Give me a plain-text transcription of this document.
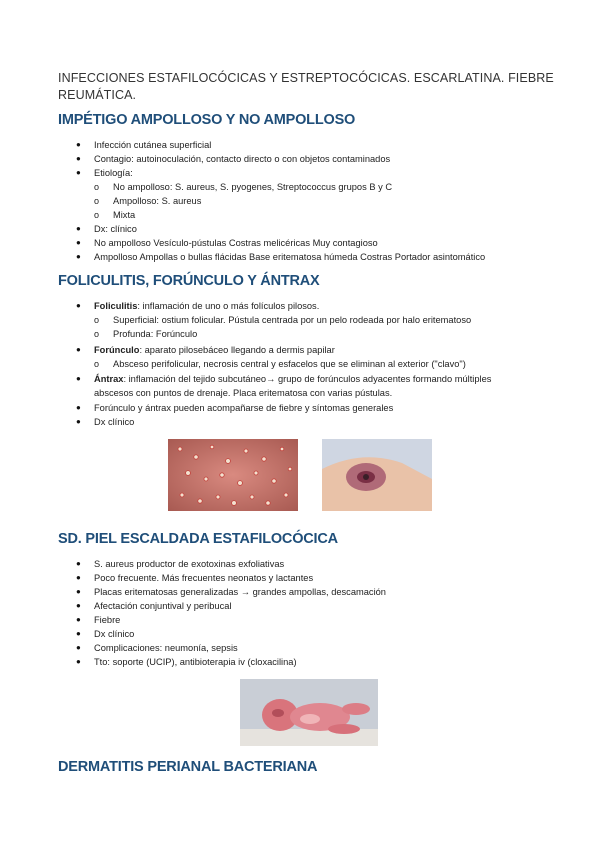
INFECCIONES ESTAFILOCÓCICAS Y ESTREPTOCÓCICAS. ESCARLATINA. FIEBRE REUMÁTICA.
IMPÉTIGO AMPOLLOSO Y NO AMPOLLOSO
● Infección cutánea superficial
● Contagio: autoinoculación, contacto directo o con objetos contaminados
● Etiología:
o No ampolloso: S. aureus, S. pyogenes, Streptococcus grupos B y C
o Ampolloso: S. aureus
o Mixta
● Dx: clínico
● No ampolloso Vesículo-pústulas Costras melicéricas Muy contagioso
● Ampolloso Ampollas o bullas flácidas Base eritematosa húmeda Costras Portador asintomático
FOLICULITIS, FORÚNCULO Y ÁNTRAX
● Foliculitis: inflamación de uno o más folículos pilosos.
o Superficial: ostium folicular. Pústula centrada por un pelo rodeada por halo eritematoso
o Profunda: Forúnculo
● Forúnculo: aparato pilosebáceo llegando a dermis papilar
o Absceso perifolicular, necrosis central y esfacelos que se eliminan al exterior ("clavo")
● Ántrax: inflamación del tejido subcutáneo→ grupo de forúnculos adyacentes formando múltiples
abscesos con puntos de drenaje. Placa eritematosa con varias pústulas.
● Forúnculo y ántrax pueden acompañarse de fiebre y síntomas generales
● Dx clínico
SD. PIEL ESCALDADA ESTAFILOCÓCICA
● S. aureus productor de exotoxinas exfoliativas
● Poco frecuente. Más frecuentes neonatos y lactantes
● Placas eritematosas generalizadas → grandes ampollas, descamación
● Afectación conjuntival y peribucal
● Fiebre
● Dx clínico
● Complicaciones: neumonía, sepsis
● Tto: soporte (UCIP), antibioterapia iv (cloxacilina)
DERMATITIS PERIANAL BACTERIANA
